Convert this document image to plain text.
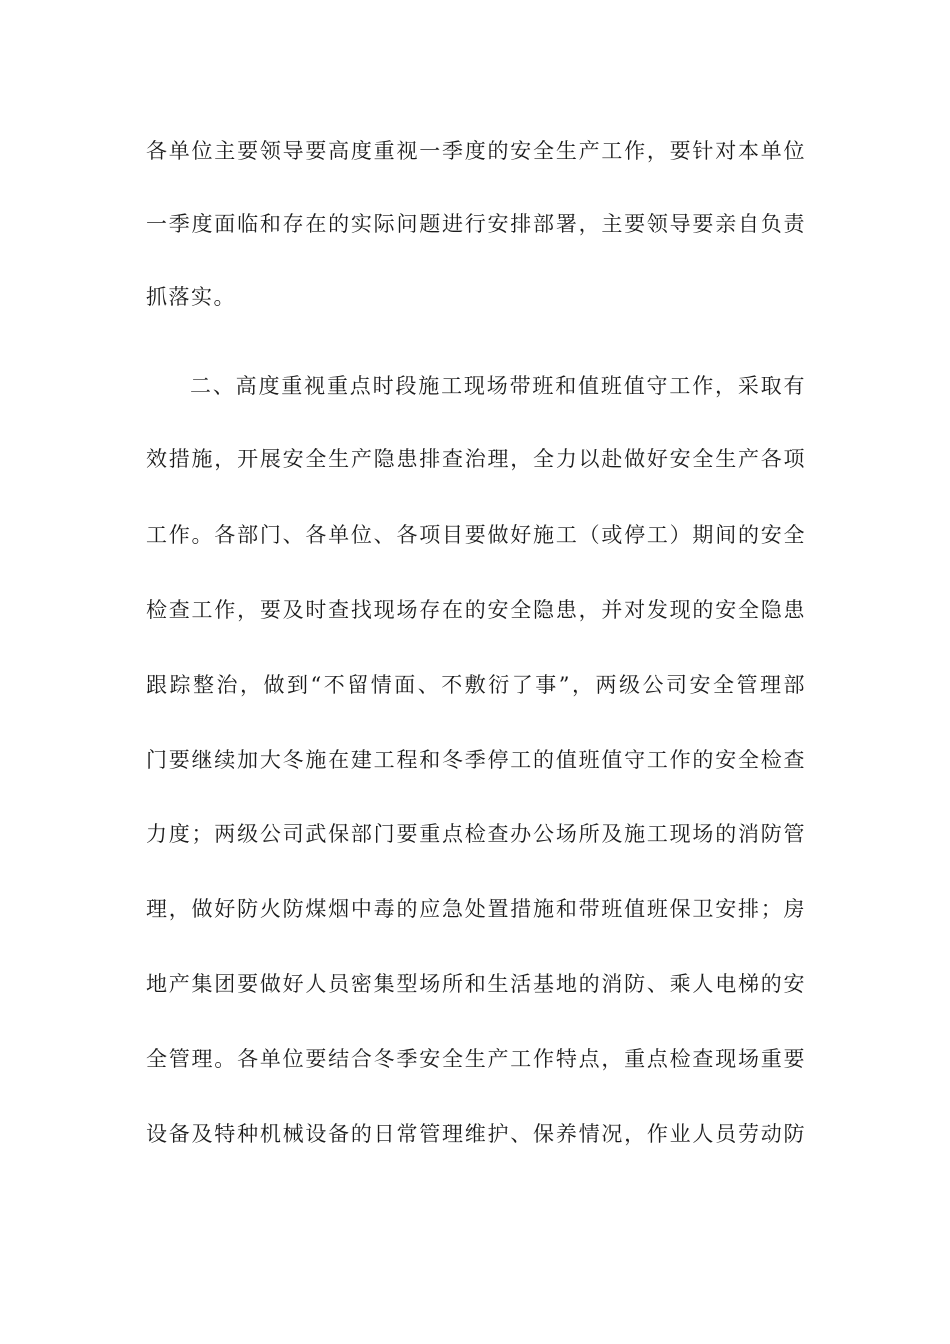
各单位主要领导要高度重视一季度的安全生产工作，要针对本单位
一季度面临和存在的实际问题进行安排部署，主要领导要亲自负责
抓落实。
二、高度重视重点时段施工现场带班和值班值守工作，采取有
效措施，开展安全生产隐患排查治理，全力以赴做好安全生产各项
工作。各部门、各单位、各项目要做好施工（或停工）期间的安全
检查工作，要及时查找现场存在的安全隐患，并对发现的安全隐患
跟踪整治，做到“不留情面、不敷衍了事”，两级公司安全管理部
门要继续加大冬施在建工程和冬季停工的值班值守工作的安全检查
力度；两级公司武保部门要重点检查办公场所及施工现场的消防管
理，做好防火防煤烟中毒的应急处置措施和带班值班保卫安排；房
地产集团要做好人员密集型场所和生活基地的消防、乘人电梯的安
全管理。各单位要结合冬季安全生产工作特点，重点检查现场重要
设备及特种机械设备的日常管理维护、保养情况，作业人员劳动防
